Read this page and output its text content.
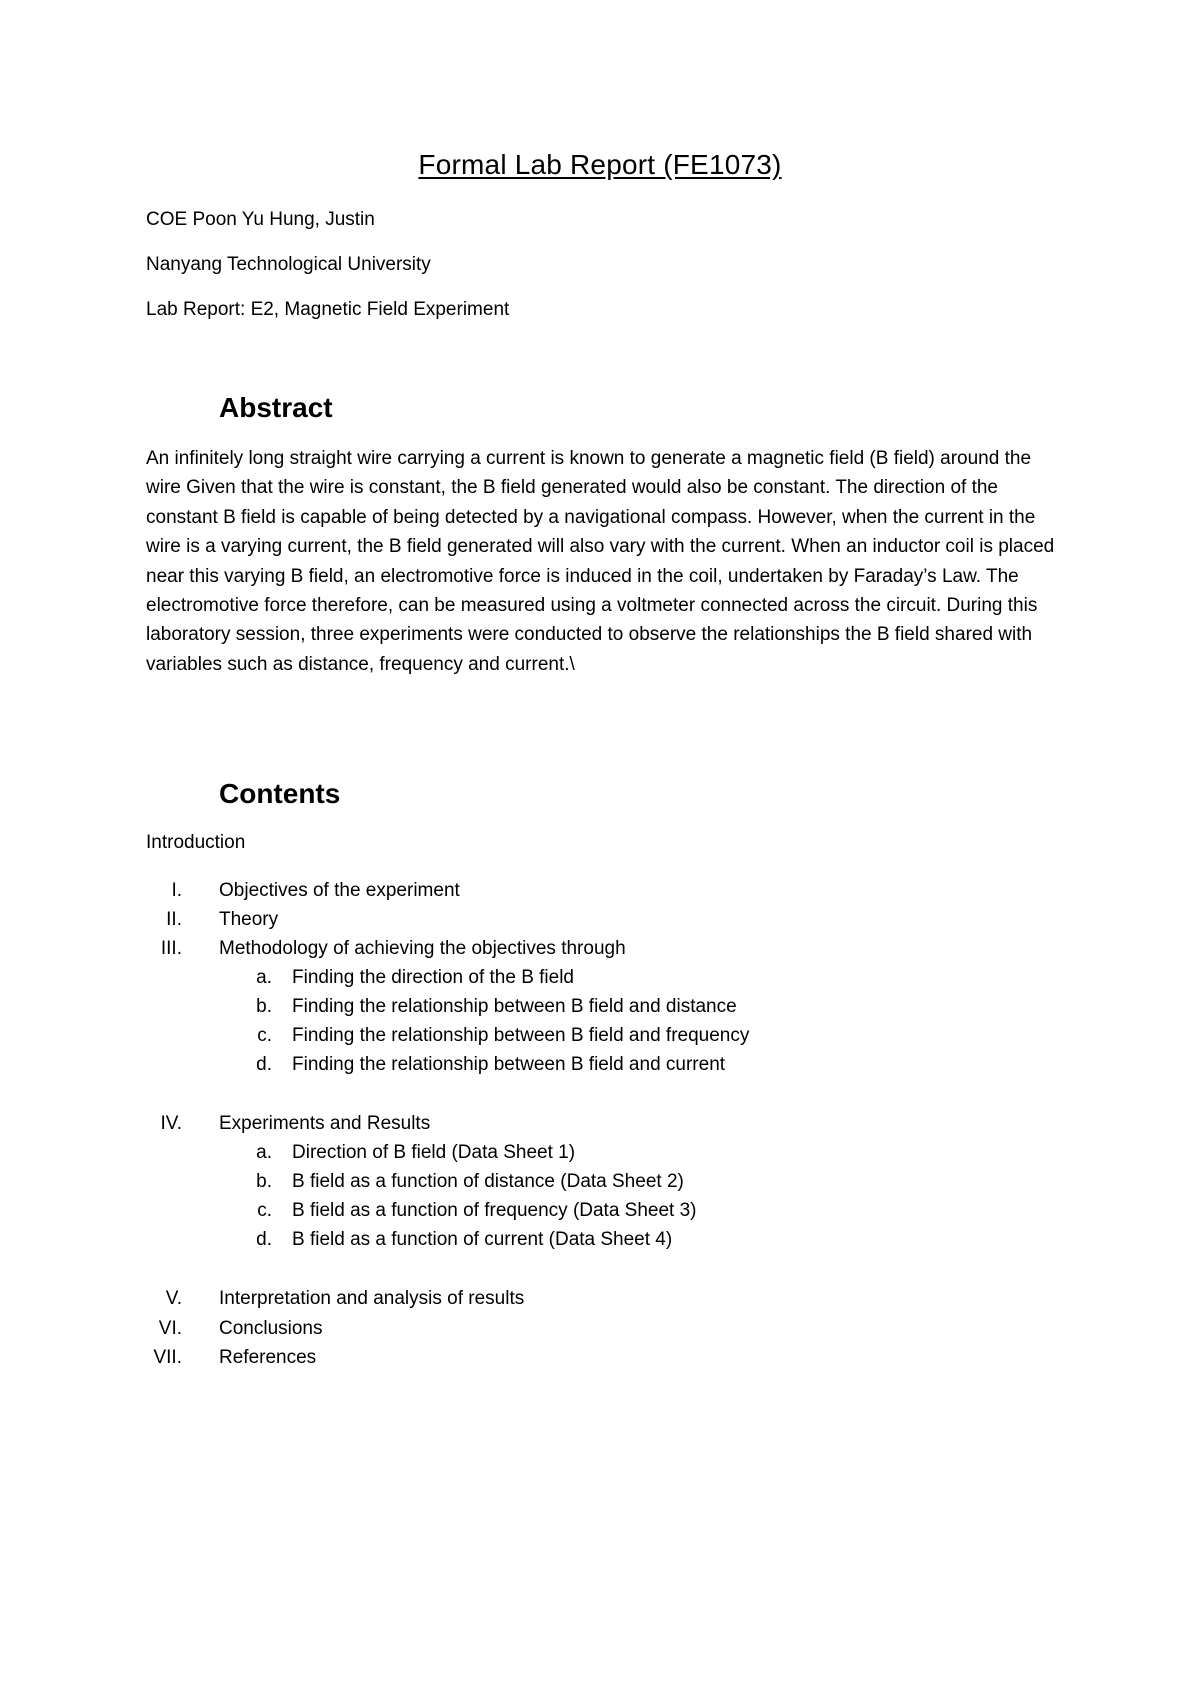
Formal Lab Report (FE1073)
COE Poon Yu Hung, Justin
Nanyang Technological University
Lab Report: E2, Magnetic Field Experiment
Abstract
An infinitely long straight wire carrying a current is known to generate a magnetic field (B field) around the wire Given that the wire is constant, the B field generated would also be constant. The direction of the constant B field is capable of being detected by a navigational compass. However, when the current in the wire is a varying current, the B field generated will also vary with the current. When an inductor coil is placed near this varying B field, an electromotive force is induced in the coil, undertaken by Faraday’s Law. The electromotive force therefore, can be measured using a voltmeter connected across the circuit. During this laboratory session, three experiments were conducted to observe the relationships the B field shared with variables such as distance, frequency and current.\
Contents
Introduction
I. Objectives of the experiment
II. Theory
III. Methodology of achieving the objectives through
a. Finding the direction of the B field
b. Finding the relationship between B field and distance
c. Finding the relationship between B field and frequency
d. Finding the relationship between B field and current
IV. Experiments and Results
a. Direction of B field (Data Sheet 1)
b. B field as a function of distance (Data Sheet 2)
c. B field as a function of frequency (Data Sheet 3)
d. B field as a function of current (Data Sheet 4)
V. Interpretation and analysis of results
VI. Conclusions
VII. References
